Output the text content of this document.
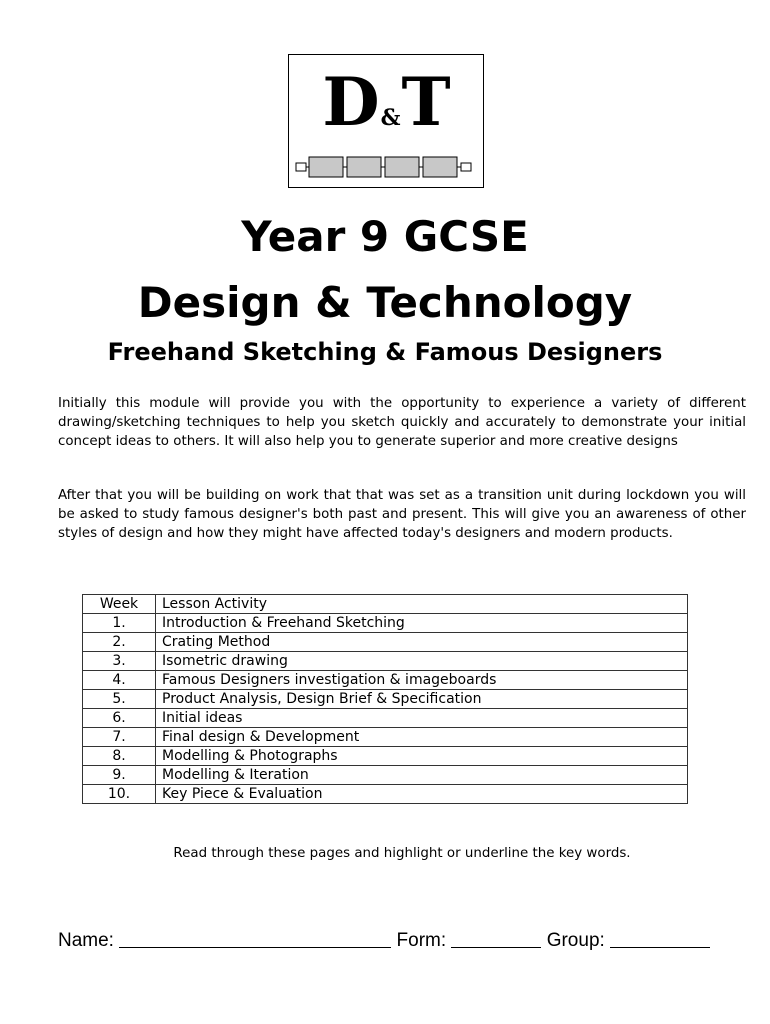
D&T
Year 9 GCSE
Design & Technology
Freehand Sketching & Famous Designers

Initially this module will provide you with the opportunity to experience a variety of different drawing/sketching techniques to help you sketch quickly and accurately to demonstrate your initial concept ideas to others. It will also help you to generate superior and more creative designs

After that you will be building on work that that was set as a transition unit during lockdown you will be asked to study famous designer's both past and present. This will give you an awareness of other styles of design and how they might have affected today's designers and modern products.

Week	Lesson Activity
1.	Introduction & Freehand Sketching
2.	Crating Method
3.	Isometric drawing
4.	Famous Designers investigation & imageboards
5.	Product Analysis, Design Brief & Specification
6.	Initial ideas
7.	Final design & Development
8.	Modelling & Photographs
9.	Modelling & Iteration
10.	Key Piece & Evaluation

Read through these pages and highlight or underline the key words.

Name:	Form:	Group:
